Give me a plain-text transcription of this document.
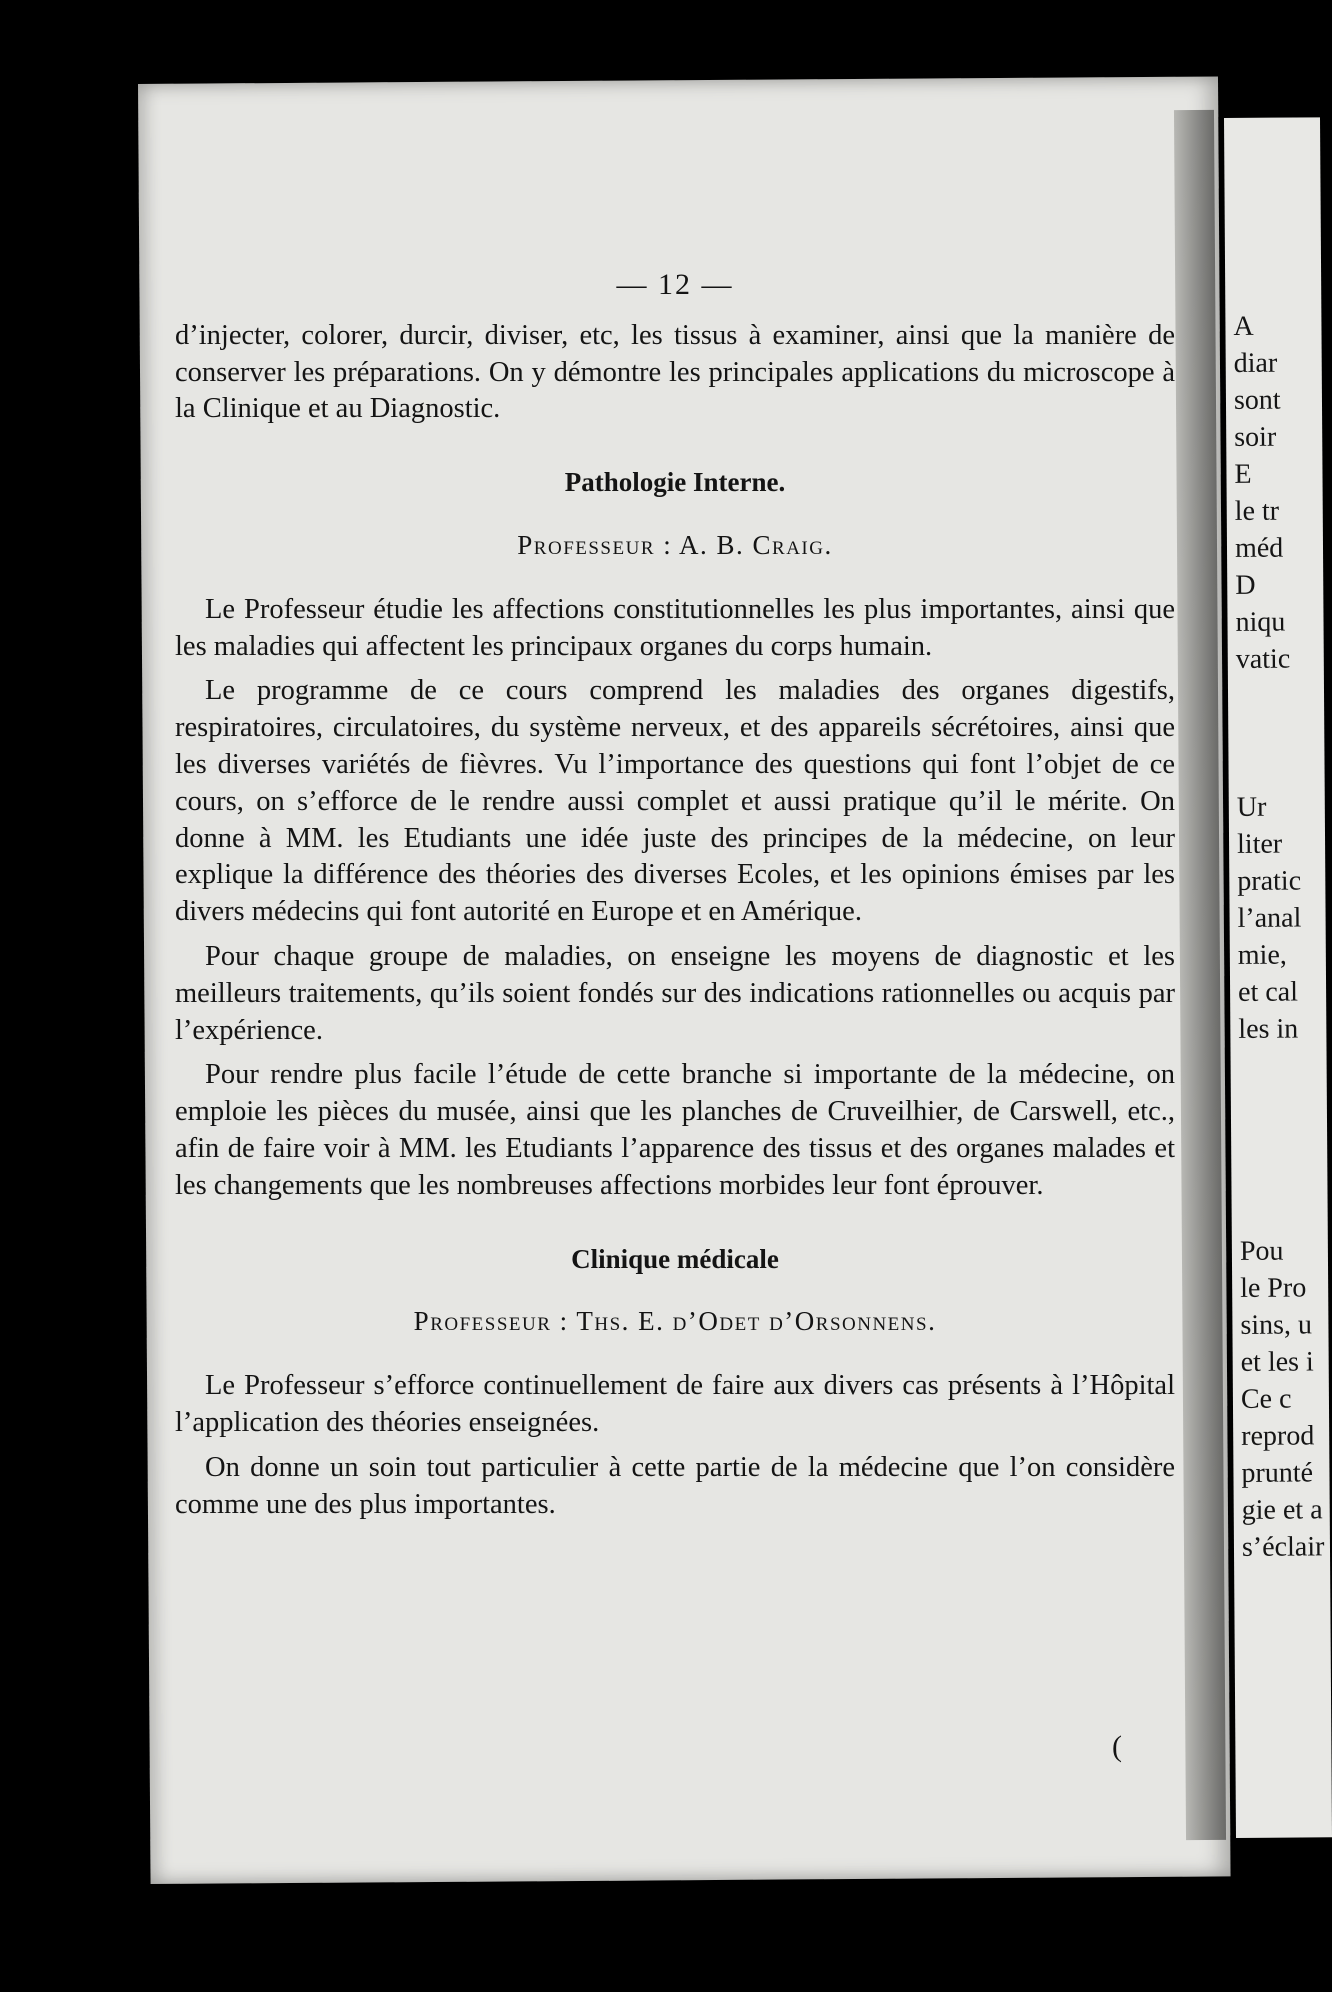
A
diar
sont
soir
E
le tr
méd
D
niqu
vatic
Ur
liter
pratic
l’anal
mie,
et cal
les in
Pou
le Pro
sins, u
et les i
Ce c
reprod
prunté
gie et a
s’éclair
— 12 —

d’injecter, colorer, durcir, diviser, etc, les tissus à examiner, ainsi que la manière de conserver les préparations. On y démontre les principales applications du microscope à la Clinique et au Diagnostic.

Pathologie Interne.
Professeur : A. B. Craig.

Le Professeur étudie les affections constitutionnelles les plus importantes, ainsi que les maladies qui affectent les principaux organes du corps humain.

Le programme de ce cours comprend les maladies des organes digestifs, respiratoires, circulatoires, du système nerveux, et des appareils sécrétoires, ainsi que les diverses variétés de fièvres. Vu l’importance des questions qui font l’objet de ce cours, on s’efforce de le rendre aussi complet et aussi pratique qu’il le mérite. On donne à MM. les Etudiants une idée juste des principes de la médecine, on leur explique la différence des théories des diverses Ecoles, et les opinions émises par les divers médecins qui font autorité en Europe et en Amérique.

Pour chaque groupe de maladies, on enseigne les moyens de diagnostic et les meilleurs traitements, qu’ils soient fondés sur des indications rationnelles ou acquis par l’expérience.

Pour rendre plus facile l’étude de cette branche si importante de la médecine, on emploie les pièces du musée, ainsi que les planches de Cruveilhier, de Carswell, etc., afin de faire voir à MM. les Etudiants l’apparence des tissus et des organes malades et les changements que les nombreuses affections morbides leur font éprouver.

Clinique médicale
Professeur : Ths. E. d’Odet d’Orsonnens.

Le Professeur s’efforce continuellement de faire aux divers cas présents à l’Hôpital l’application des théories enseignées.

On donne un soin tout particulier à cette partie de la médecine que l’on considère comme une des plus importantes.

(
